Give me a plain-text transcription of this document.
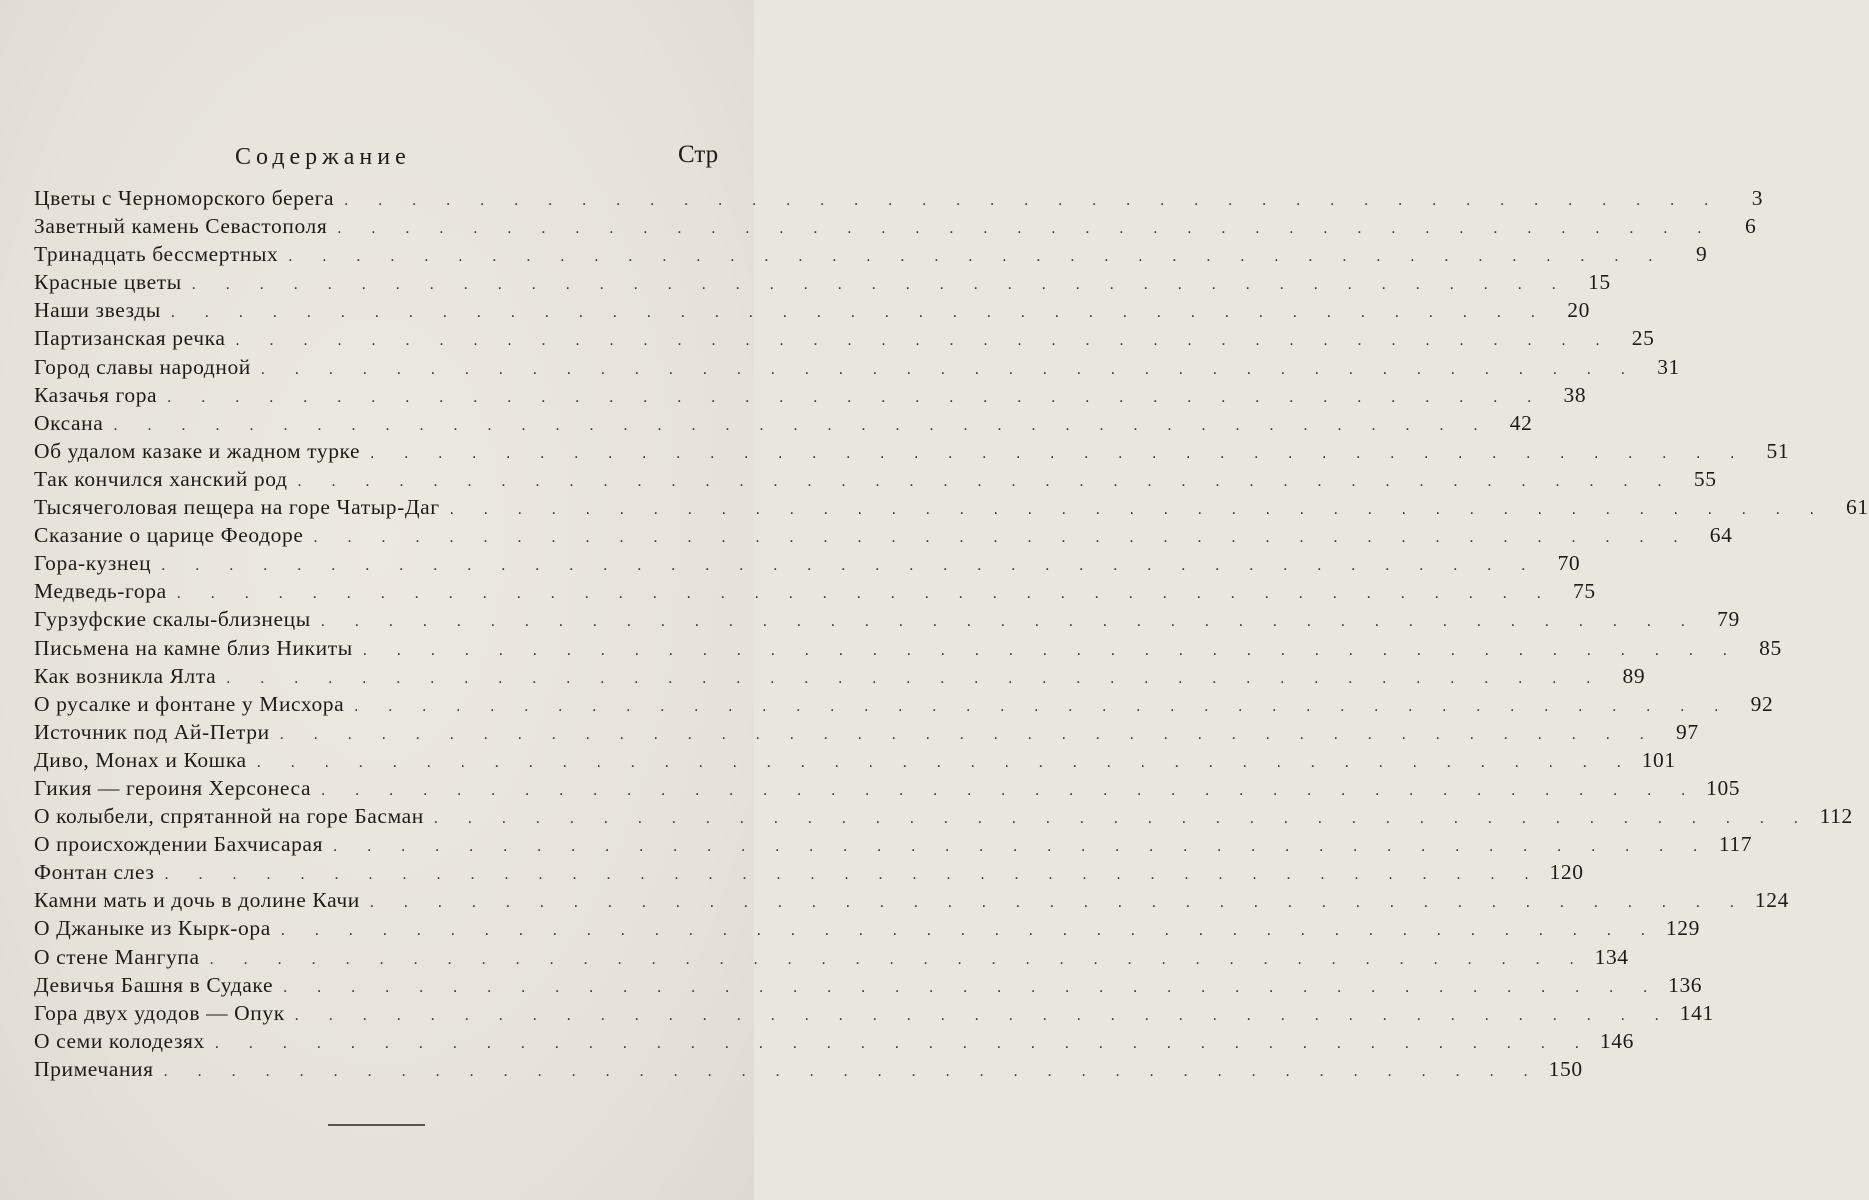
Содержание	Стр
Цветы с Черноморского берега . . . . . . . . . . . . . . . . . . . . . . . . . . . . . . . . . . . . . . . . .	3
Заветный камень Севастополя . . . . . . . . . . . . . . . . . . . . . . . . . . . . . . . . . . . . . . . . .	6
Тринадцать бессмертных . . . . . . . . . . . . . . . . . . . . . . . . . . . . . . . . . . . . . . . . .	9
Красные цветы . . . . . . . . . . . . . . . . . . . . . . . . . . . . . . . . . . . . . . . . . 15
Наши звезды . . . . . . . . . . . . . . . . . . . . . . . . . . . . . . . . . . . . . . . . . 20
Партизанская речка . . . . . . . . . . . . . . . . . . . . . . . . . . . . . . . . . . . . . . . . . 25
Город славы народной . . . . . . . . . . . . . . . . . . . . . . . . . . . . . . . . . . . . . . . . . 31
Казачья гора . . . . . . . . . . . . . . . . . . . . . . . . . . . . . . . . . . . . . . . . . 38
Оксана . . . . . . . . . . . . . . . . . . . . . . . . . . . . . . . . . . . . . . . . . 42
Об удалом казаке и жадном турке . . . . . . . . . . . . . . . . . . . . . . . . . . . . . . . . . . . . . . . . . 51
Так кончился ханский род . . . . . . . . . . . . . . . . . . . . . . . . . . . . . . . . . . . . . . . . . 55
Тысячеголовая пещера на горе Чатыр-Даг . . . . . . . . . . . . . . . . . . . . . . . . . . . . . . . . . . . . . . . . . 61
Сказание о царице Феодоре . . . . . . . . . . . . . . . . . . . . . . . . . . . . . . . . . . . . . . . . . 64
Гора-кузнец . . . . . . . . . . . . . . . . . . . . . . . . . . . . . . . . . . . . . . . . . 70
Медведь-гора . . . . . . . . . . . . . . . . . . . . . . . . . . . . . . . . . . . . . . . . . 75
Гурзуфские скалы-близнецы . . . . . . . . . . . . . . . . . . . . . . . . . . . . . . . . . . . . . . . . . 79
Письмена на камне близ Никиты . . . . . . . . . . . . . . . . . . . . . . . . . . . . . . . . . . . . . . . . . 85
Как возникла Ялта . . . . . . . . . . . . . . . . . . . . . . . . . . . . . . . . . . . . . . . . . 89
О русалке и фонтане у Мисхора . . . . . . . . . . . . . . . . . . . . . . . . . . . . . . . . . . . . . . . . . 92
Источник под Ай-Петри . . . . . . . . . . . . . . . . . . . . . . . . . . . . . . . . . . . . . . . . . 97
Диво, Монах и Кошка . . . . . . . . . . . . . . . . . . . . . . . . . . . . . . . . . . . . . . . . . 101
Гикия — героиня Херсонеса . . . . . . . . . . . . . . . . . . . . . . . . . . . . . . . . . . . . . . . . . 105
О колыбели, спрятанной на горе Басман . . . . . . . . . . . . . . . . . . . . . . . . . . . . . . . . . . . . . . . . . 112
О происхождении Бахчисарая . . . . . . . . . . . . . . . . . . . . . . . . . . . . . . . . . . . . . . . . . 117
Фонтан слез . . . . . . . . . . . . . . . . . . . . . . . . . . . . . . . . . . . . . . . . . 120
Камни мать и дочь в долине Качи . . . . . . . . . . . . . . . . . . . . . . . . . . . . . . . . . . . . . . . . . 124
О Джаныке из Кырк-ора . . . . . . . . . . . . . . . . . . . . . . . . . . . . . . . . . . . . . . . . . 129
О стене Мангупа . . . . . . . . . . . . . . . . . . . . . . . . . . . . . . . . . . . . . . . . . 134
Девичья Башня в Судаке . . . . . . . . . . . . . . . . . . . . . . . . . . . . . . . . . . . . . . . . . 136
Гора двух удодов — Опук . . . . . . . . . . . . . . . . . . . . . . . . . . . . . . . . . . . . . . . . . 141
О семи колодезях . . . . . . . . . . . . . . . . . . . . . . . . . . . . . . . . . . . . . . . . . 146
Примечания . . . . . . . . . . . . . . . . . . . . . . . . . . . . . . . . . . . . . . . . . 150
